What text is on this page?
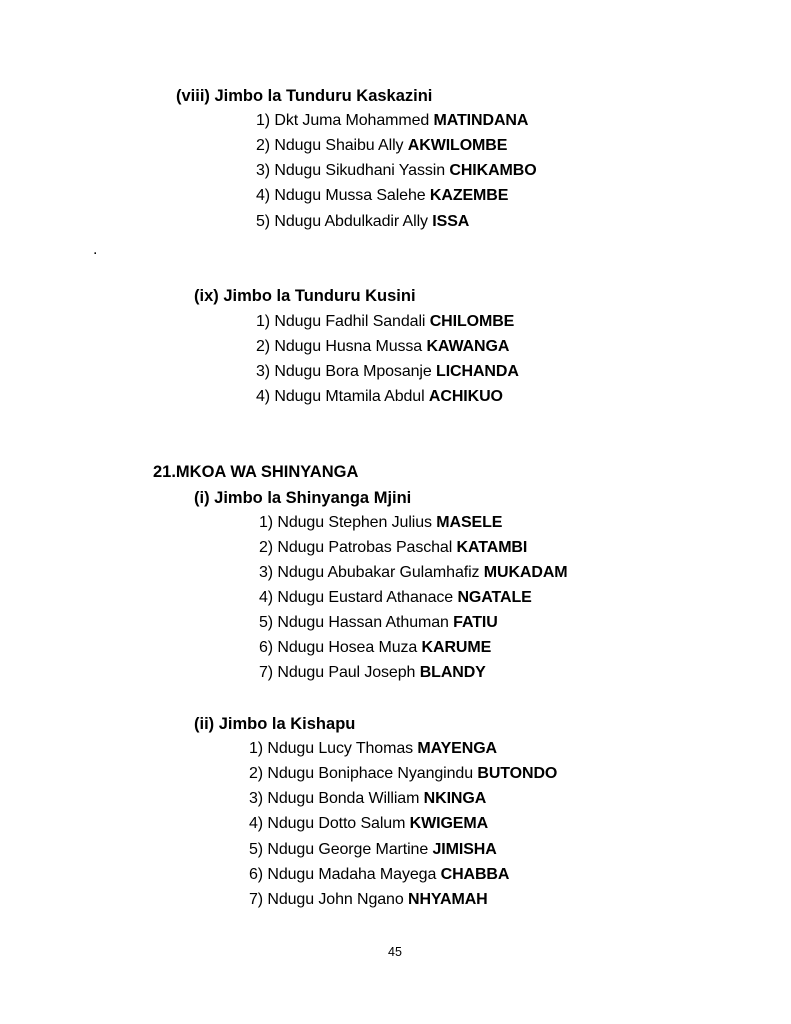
(viii) Jimbo la Tunduru Kaskazini
1) Dkt Juma Mohammed MATINDANA
2) Ndugu Shaibu Ally AKWILOMBE
3) Ndugu Sikudhani Yassin CHIKAMBO
4) Ndugu Mussa Salehe KAZEMBE
5) Ndugu Abdulkadir Ally ISSA
.
(ix) Jimbo la Tunduru Kusini
1) Ndugu Fadhil Sandali CHILOMBE
2) Ndugu Husna Mussa KAWANGA
3) Ndugu Bora Mposanje LICHANDA
4) Ndugu Mtamila Abdul ACHIKUO
21.MKOA WA SHINYANGA
(i) Jimbo la Shinyanga Mjini
1) Ndugu Stephen Julius MASELE
2) Ndugu Patrobas Paschal KATAMBI
3) Ndugu Abubakar Gulamhafiz MUKADAM
4) Ndugu Eustard Athanace NGATALE
5) Ndugu Hassan Athuman FATIU
6) Ndugu Hosea Muza KARUME
7) Ndugu Paul Joseph BLANDY
(ii) Jimbo la Kishapu
1) Ndugu Lucy Thomas MAYENGA
2) Ndugu Boniphace Nyangindu BUTONDO
3) Ndugu Bonda William NKINGA
4) Ndugu Dotto Salum KWIGEMA
5) Ndugu George Martine JIMISHA
6) Ndugu Madaha Mayega CHABBA
7) Ndugu John Ngano NHYAMAH
45
